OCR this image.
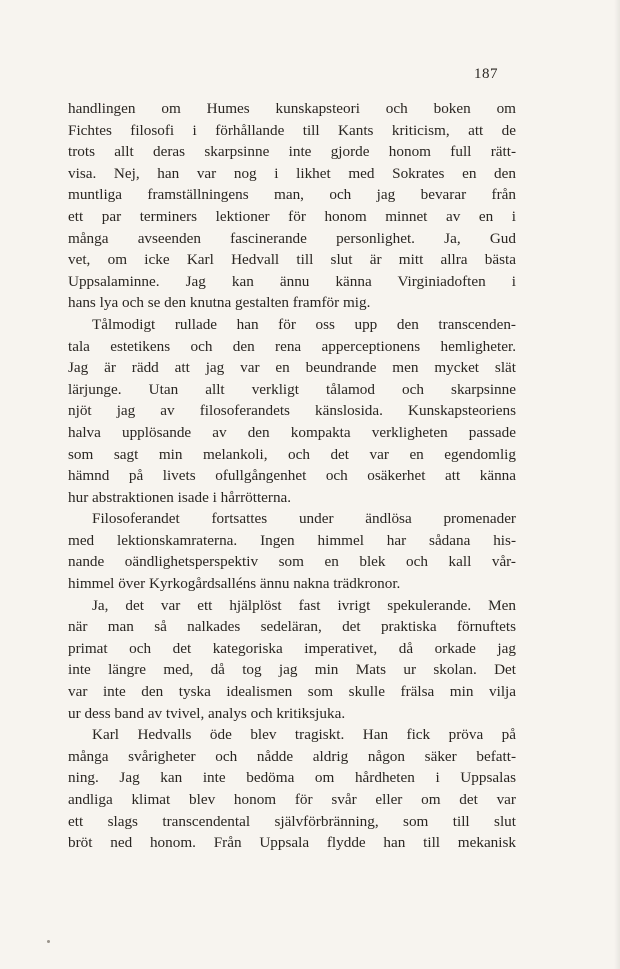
187
handlingen om Humes kunskapsteori och boken om
Fichtes filosofi i förhållande till Kants kriticism, att de
trots allt deras skarpsinne inte gjorde honom full rätt-
visa. Nej, han var nog i likhet med Sokrates en den
muntliga framställningens man, och jag bevarar från
ett par terminers lektioner för honom minnet av en i
många avseenden fascinerande personlighet. Ja, Gud
vet, om icke Karl Hedvall till slut är mitt allra bästa
Uppsalaminne. Jag kan ännu känna Virginiadoften i
hans lya och se den knutna gestalten framför mig.
Tålmodigt rullade han för oss upp den transcenden-
tala estetikens och den rena apperceptionens hemligheter.
Jag är rädd att jag var en beundrande men mycket slät
lärjunge. Utan allt verkligt tålamod och skarpsinne
njöt jag av filosoferandets känslosida. Kunskapsteoriens
halva upplösande av den kompakta verkligheten passade
som sagt min melankoli, och det var en egendomlig
hämnd på livets ofullgångenhet och osäkerhet att känna
hur abstraktionen isade i hårrötterna.
Filosoferandet fortsattes under ändlösa promenader
med lektionskamraterna. Ingen himmel har sådana his-
nande oändlighetsperspektiv som en blek och kall vår-
himmel över Kyrkogårdsalléns ännu nakna trädkronor.
Ja, det var ett hjälplöst fast ivrigt spekulerande. Men
när man så nalkades sedeläran, det praktiska förnuftets
primat och det kategoriska imperativet, då orkade jag
inte längre med, då tog jag min Mats ur skolan. Det
var inte den tyska idealismen som skulle frälsa min vilja
ur dess band av tvivel, analys och kritiksjuka.
Karl Hedvalls öde blev tragiskt. Han fick pröva på
många svårigheter och nådde aldrig någon säker befatt-
ning. Jag kan inte bedöma om hårdheten i Uppsalas
andliga klimat blev honom för svår eller om det var
ett slags transcendental självförbränning, som till slut
bröt ned honom. Från Uppsala flydde han till mekanisk
